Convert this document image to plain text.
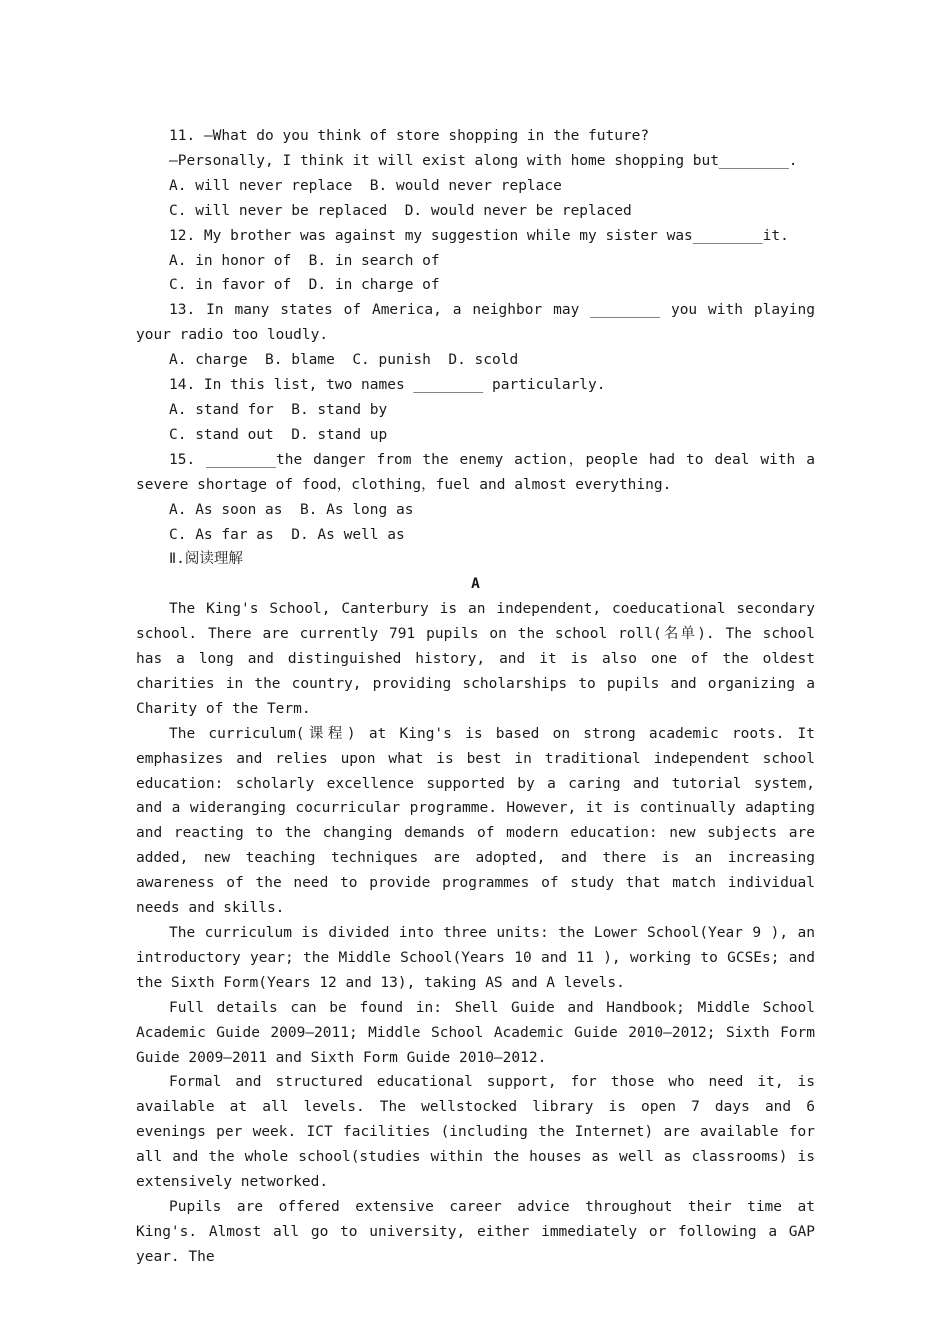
11. —What do you think of store shopping in the future?

—Personally, I think it will exist along with home shopping but________.

A. will never replace  B. would never replace

C. will never be replaced  D. would never be replaced

12. My brother was against my suggestion while my sister was________it.

A. in honor of  B. in search of

C. in favor of  D. in charge of

13. In many states of America, a neighbor may ________ you with playing your radio too loudly.

A. charge  B. blame  C. punish  D. scold

14. In this list, two names ________ particularly.

A. stand for  B. stand by

C. stand out  D. stand up

15. ________the danger from the enemy action，people had to deal with a severe shortage of food，clothing，fuel and almost everything.

A. As soon as  B. As long as

C. As far as  D. As well as

Ⅱ.阅读理解

A

The King's School, Canterbury is an independent, coeducational secondary school. There are currently 791 pupils on the school roll(名单). The school has a long and distinguished history, and it is also one of the oldest charities in the country, providing scholarships to pupils and organizing a Charity of the Term.

The curriculum(课程) at King's is based on strong academic roots. It emphasizes and relies upon what is best in traditional independent school education: scholarly excellence supported by a caring and tutorial system, and a wideranging cocurricular programme. However, it is continually adapting and reacting to the changing demands of modern education: new subjects are added, new teaching techniques are adopted, and there is an increasing awareness of the need to provide programmes of study that match individual needs and skills.

The curriculum is divided into three units: the Lower School(Year 9 ), an introductory year; the Middle School(Years 10 and 11 ), working to GCSEs; and the Sixth Form(Years 12 and 13), taking AS and A levels.

Full details can be found in: Shell Guide and Handbook; Middle School Academic Guide 2009—2011; Middle School Academic Guide 2010—2012; Sixth Form Guide 2009—2011 and Sixth Form Guide 2010—2012.

Formal and structured educational support, for those who need it, is available at all levels. The wellstocked library is open 7 days and 6 evenings per week. ICT facilities (including the Internet) are available for all and the whole school(studies within the houses as well as classrooms) is extensively networked.

Pupils are offered extensive career advice throughout their time at King's. Almost all go to university, either immediately or following a GAP year. The
